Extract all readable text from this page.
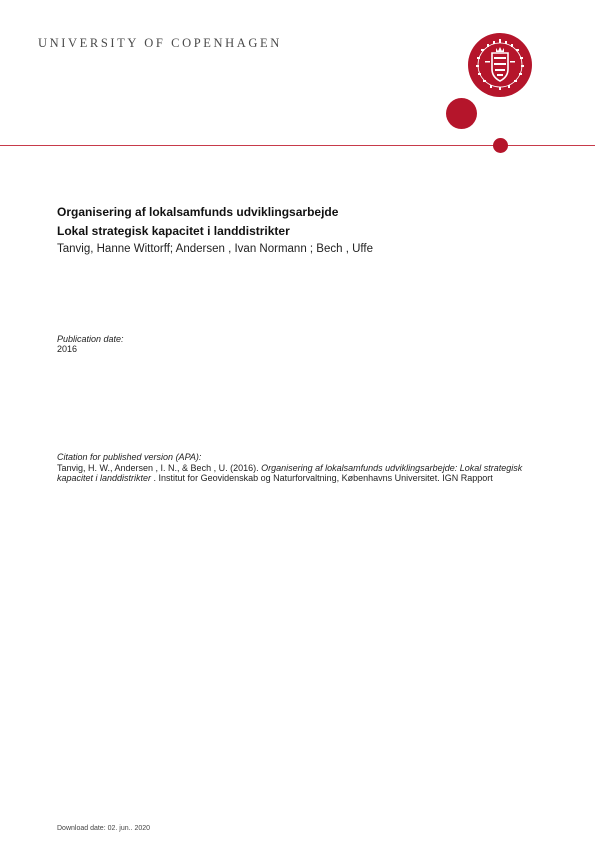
UNIVERSITY OF COPENHAGEN
Organisering af lokalsamfunds udviklingsarbejde
Lokal strategisk kapacitet i landdistrikter
Tanvig, Hanne Wittorff; Andersen , Ivan Normann ; Bech , Uffe
Publication date:
2016
Citation for published version (APA):
Tanvig, H. W., Andersen , I. N., & Bech , U. (2016). Organisering af lokalsamfunds udviklingsarbejde: Lokal strategisk kapacitet i landdistrikter . Institut for Geovidenskab og Naturforvaltning, Københavns Universitet. IGN Rapport
Download date: 02. jun.. 2020
